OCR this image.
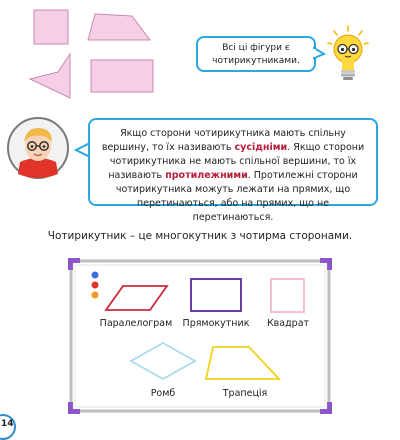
Всі ці фігури є чотирикутниками.
Якщо сторони чотирикутника мають спільну вершину, то їх називають сусідніми. Якщо сторони чотирикутника не мають спільної вершини, то їх називають протилежними. Протилежні сторони чотирикутника можуть лежати на прямих, що перетинаються, або на прямих, що не перетинаються.
Чотирикутник – це многокутник з чотирма сторонами.
Паралелограм	Прямокутник	Квадрат
Ромб	Трапеція
14
